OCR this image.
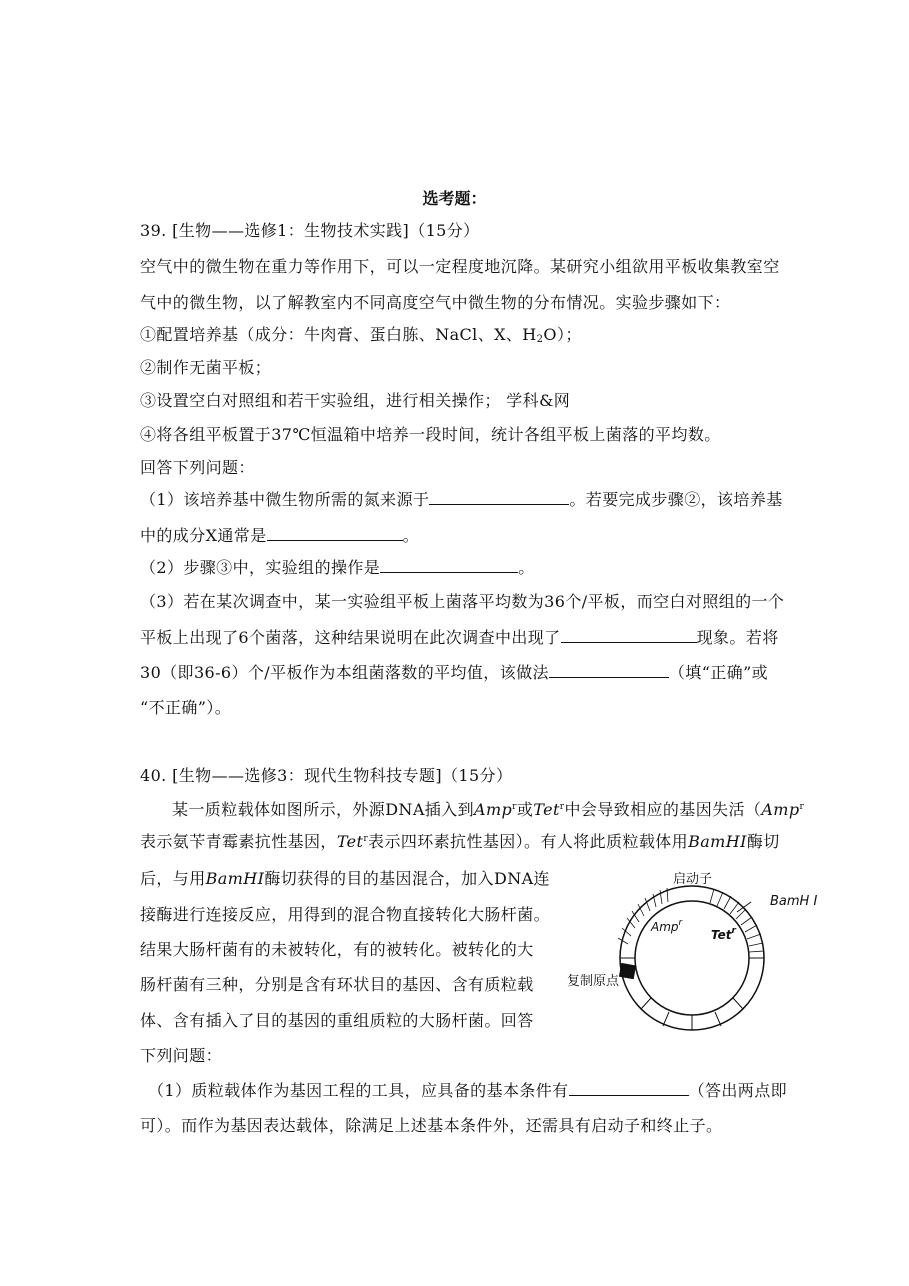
选考题：
39. [生物——选修1：生物技术实践]（15分）
空气中的微生物在重力等作用下，可以一定程度地沉降。某研究小组欲用平板收集教室空
气中的微生物，以了解教室内不同高度空气中微生物的分布情况。实验步骤如下：
①配置培养基（成分：牛肉膏、蛋白胨、NaCl、X、$H_2O$）；
②制作无菌平板；
③设置空白对照组和若干实验组，进行相关操作； 学科&网
④将各组平板置于37℃恒温箱中培养一段时间，统计各组平板上菌落的平均数。
回答下列问题：
（1）该培养基中微生物所需的氮来源于	。若要完成步骤②，该培养基
中的成分X通常是	。
（2）步骤③中，实验组的操作是	。
（3）若在某次调查中，某一实验组平板上菌落平均数为36个/平板，而空白对照组的一个
平板上出现了6个菌落，这种结果说明在此次调查中出现了	现象。若将
30（即36-6）个/平板作为本组菌落数的平均值，该做法	（填“正确”或
“不正确”）。
40. [生物——选修3：现代生物科技专题]（15分）
某一质粒载体如图所示，外源DNA插入到Amp$^r$或Tet$^r$中会导致相应的基因失活（Amp$^r$
表示氨苄青霉素抗性基因，Tet$^r$表示四环素抗性基因）。有人将此质粒载体用BamHI酶切
后，与用BamHI酶切获得的目的基因混合，加入DNA连
接酶进行连接反应，用得到的混合物直接转化大肠杆菌。
结果大肠杆菌有的未被转化，有的被转化。被转化的大
肠杆菌有三种，分别是含有环状目的基因、含有质粒载
体、含有插入了目的基因的重组质粒的大肠杆菌。回答
下列问题：
（1）质粒载体作为基因工程的工具，应具备的基本条件有	（答出两点即
可）。而作为基因表达载体，除满足上述基本条件外，还需具有启动子和终止子。
启动子
BamH I
Amp$^r$
Tet$^r$
复制原点
